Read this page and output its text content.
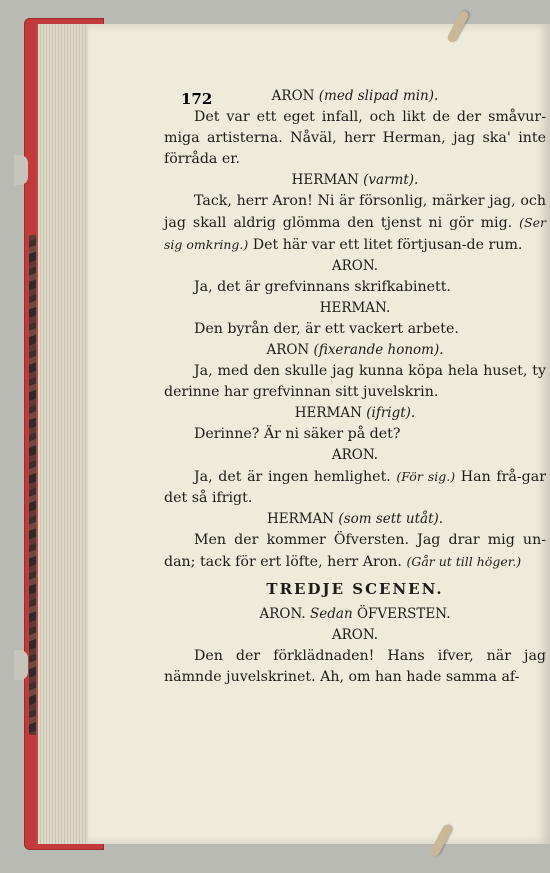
172	ARON (med slipad min).

Det var ett eget infall, och likt de der småvur-miga artisterna. Nåväl, herr Herman, jag ska' inte förråda er.

HERMAN (varmt).

Tack, herr Aron! Ni är försonlig, märker jag, och jag skall aldrig glömma den tjenst ni gör mig. (Ser sig omkring.) Det här var ett litet förtjusan-de rum.

ARON.

Ja, det är grefvinnans skrifkabinett.

HERMAN.

Den byrån der, är ett vackert arbete.

ARON (fixerande honom).

Ja, med den skulle jag kunna köpa hela huset, ty derinne har grefvinnan sitt juvelskrin.

HERMAN (ifrigt).

Derinne? Är ni säker på det?

ARON.

Ja, det är ingen hemlighet. (För sig.) Han frå-gar det så ifrigt.

HERMAN (som sett utåt).

Men der kommer Öfversten. Jag drar mig un-dan; tack för ert löfte, herr Aron. (Går ut till höger.)

TREDJE SCENEN.

ARON. Sedan ÖFVERSTEN.

ARON.

Den der förklädnaden! Hans ifver, när jag nämnde juvelskrinet. Ah, om han hade samma af-
